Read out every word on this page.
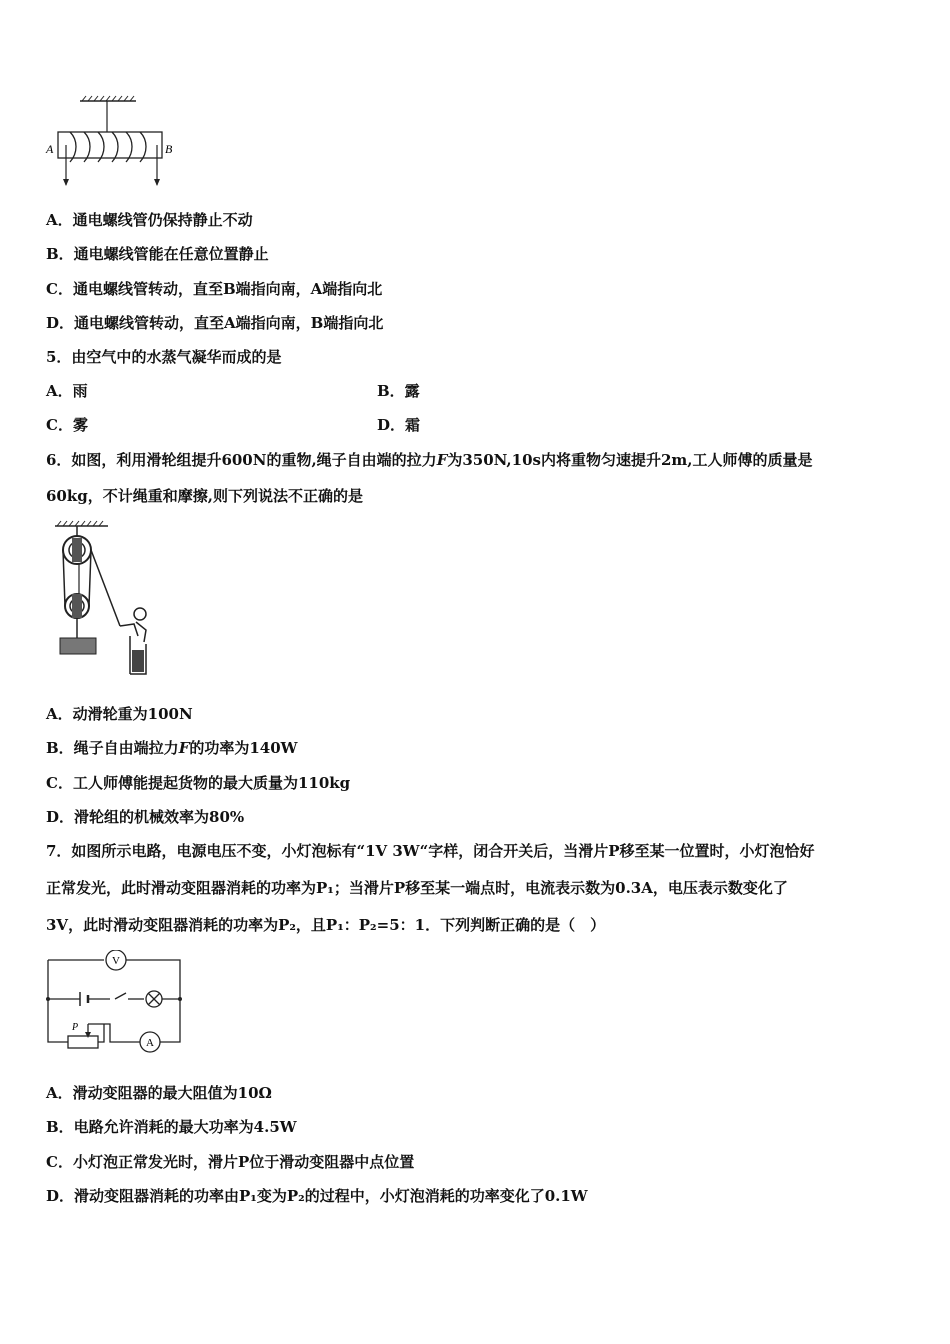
A	B
A．通电螺线管仍保持静止不动
B．通电螺线管能在任意位置静止
C．通电螺线管转动，直至B端指向南，A端指向北
D．通电螺线管转动，直至A端指向南，B端指向北
5．由空气中的水蒸气凝华而成的是
A．雨	B．露
C．雾	D．霜
6．如图，利用滑轮组提升600N的重物,绳子自由端的拉力F为350N,10s内将重物匀速提升2m,工人师傅的质量是
60kg，不计绳重和摩擦,则下列说法不正确的是
A．动滑轮重为100N
B．绳子自由端拉力F的功率为140W
C．工人师傅能提起货物的最大质量为110kg
D．滑轮组的机械效率为80%
7．如图所示电路，电源电压不变，小灯泡标有“1V 3W“字样，闭合开关后，当滑片P移至某一位置时，小灯泡恰好
正常发光，此时滑动变阻器消耗的功率为P₁；当滑片P移至某一端点时，电流表示数为0.3A，电压表示数变化了
3V，此时滑动变阻器消耗的功率为P₂，且P₁：P₂=5：1．下列判断正确的是（　）
V
A
P
A．滑动变阻器的最大阻值为10Ω
B．电路允许消耗的最大功率为4.5W
C．小灯泡正常发光时，滑片P位于滑动变阻器中点位置
D．滑动变阻器消耗的功率由P₁变为P₂的过程中，小灯泡消耗的功率变化了0.1W
